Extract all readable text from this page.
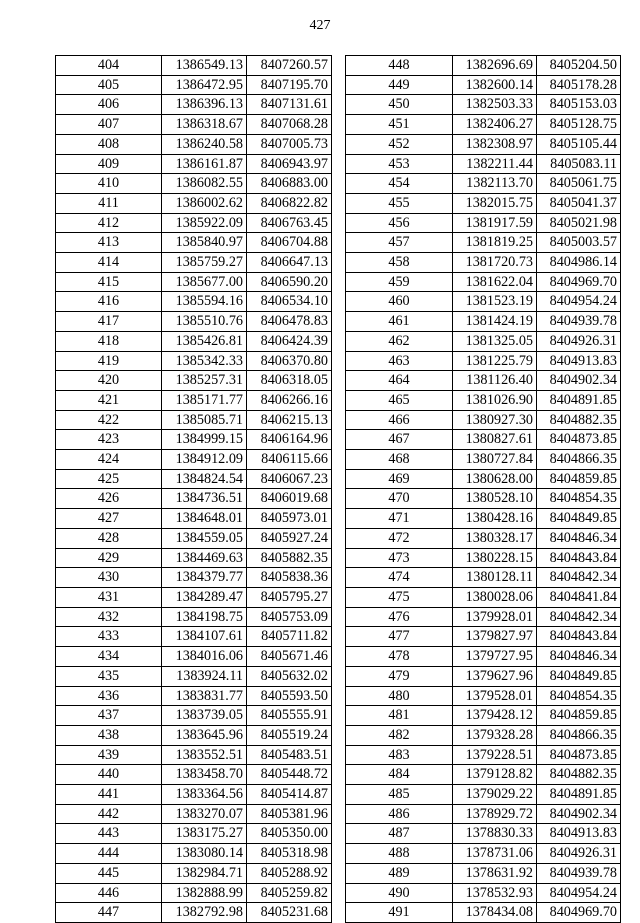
427
404	1386549.13	8407260.57
405	1386472.95	8407195.70
406	1386396.13	8407131.61
407	1386318.67	8407068.28
408	1386240.58	8407005.73
409	1386161.87	8406943.97
410	1386082.55	8406883.00
411	1386002.62	8406822.82
412	1385922.09	8406763.45
413	1385840.97	8406704.88
414	1385759.27	8406647.13
415	1385677.00	8406590.20
416	1385594.16	8406534.10
417	1385510.76	8406478.83
418	1385426.81	8406424.39
419	1385342.33	8406370.80
420	1385257.31	8406318.05
421	1385171.77	8406266.16
422	1385085.71	8406215.13
423	1384999.15	8406164.96
424	1384912.09	8406115.66
425	1384824.54	8406067.23
426	1384736.51	8406019.68
427	1384648.01	8405973.01
428	1384559.05	8405927.24
429	1384469.63	8405882.35
430	1384379.77	8405838.36
431	1384289.47	8405795.27
432	1384198.75	8405753.09
433	1384107.61	8405711.82
434	1384016.06	8405671.46
435	1383924.11	8405632.02
436	1383831.77	8405593.50
437	1383739.05	8405555.91
438	1383645.96	8405519.24
439	1383552.51	8405483.51
440	1383458.70	8405448.72
441	1383364.56	8405414.87
442	1383270.07	8405381.96
443	1383175.27	8405350.00
444	1383080.14	8405318.98
445	1382984.71	8405288.92
446	1382888.99	8405259.82
447	1382792.98	8405231.68
448	1382696.69	8405204.50
449	1382600.14	8405178.28
450	1382503.33	8405153.03
451	1382406.27	8405128.75
452	1382308.97	8405105.44
453	1382211.44	8405083.11
454	1382113.70	8405061.75
455	1382015.75	8405041.37
456	1381917.59	8405021.98
457	1381819.25	8405003.57
458	1381720.73	8404986.14
459	1381622.04	8404969.70
460	1381523.19	8404954.24
461	1381424.19	8404939.78
462	1381325.05	8404926.31
463	1381225.79	8404913.83
464	1381126.40	8404902.34
465	1381026.90	8404891.85
466	1380927.30	8404882.35
467	1380827.61	8404873.85
468	1380727.84	8404866.35
469	1380628.00	8404859.85
470	1380528.10	8404854.35
471	1380428.16	8404849.85
472	1380328.17	8404846.34
473	1380228.15	8404843.84
474	1380128.11	8404842.34
475	1380028.06	8404841.84
476	1379928.01	8404842.34
477	1379827.97	8404843.84
478	1379727.95	8404846.34
479	1379627.96	8404849.85
480	1379528.01	8404854.35
481	1379428.12	8404859.85
482	1379328.28	8404866.35
483	1379228.51	8404873.85
484	1379128.82	8404882.35
485	1379029.22	8404891.85
486	1378929.72	8404902.34
487	1378830.33	8404913.83
488	1378731.06	8404926.31
489	1378631.92	8404939.78
490	1378532.93	8404954.24
491	1378434.08	8404969.70
